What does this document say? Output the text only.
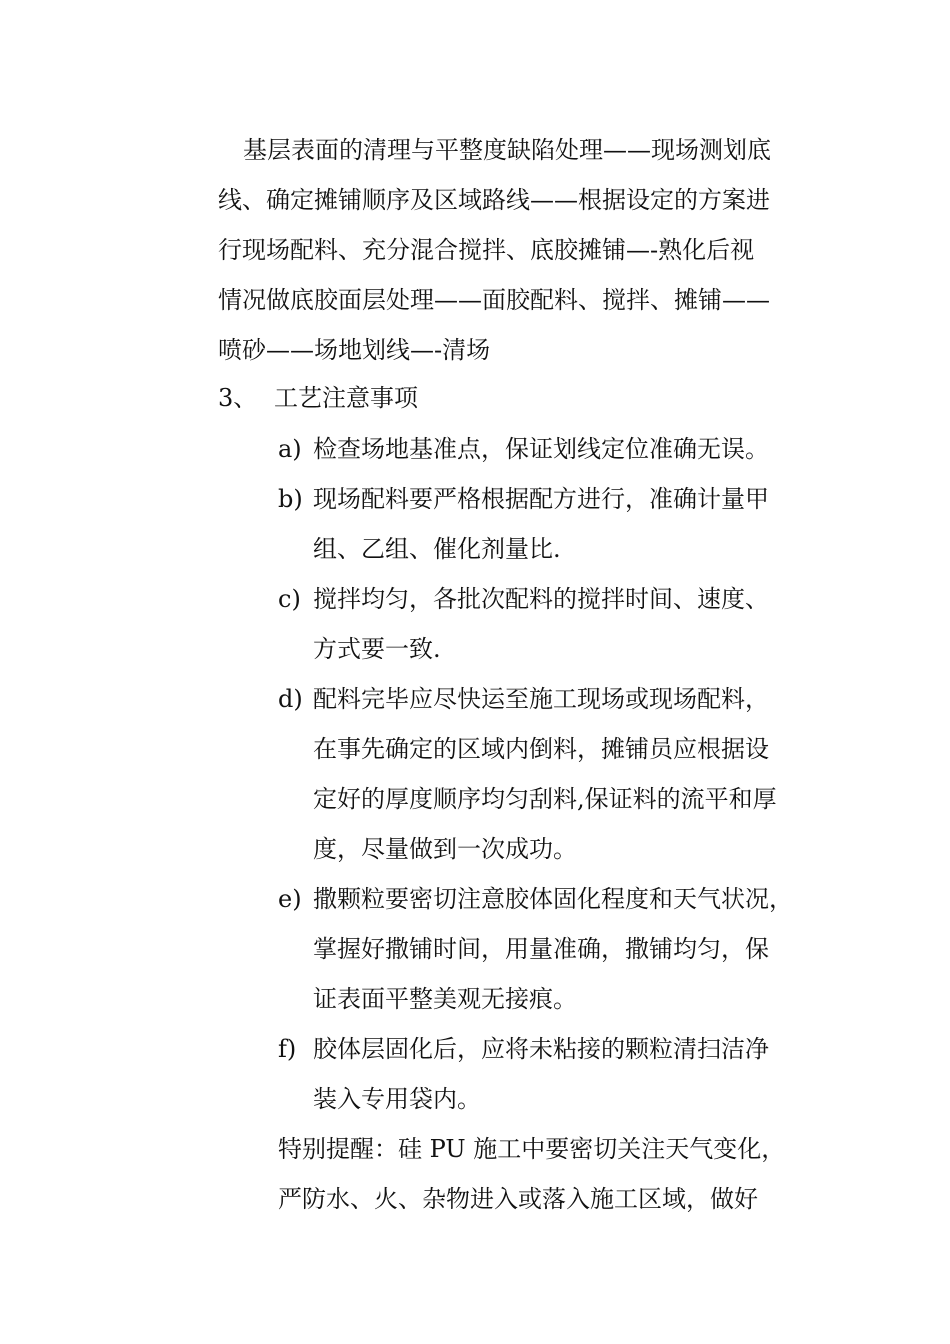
基层表面的清理与平整度缺陷处理——现场测划底
线、确定摊铺顺序及区域路线——根据设定的方案进
行现场配料、充分混合搅拌、底胶摊铺—-熟化后视
情况做底胶面层处理——面胶配料、搅拌、摊铺——
喷砂——场地划线—-清场
3、 工艺注意事项
a) 检查场地基准点，保证划线定位准确无误。
b) 现场配料要严格根据配方进行，准确计量甲
组、乙组、催化剂量比.
c) 搅拌均匀，各批次配料的搅拌时间、速度、
方式要一致.
d) 配料完毕应尽快运至施工现场或现场配料，
在事先确定的区域内倒料，摊铺员应根据设
定好的厚度顺序均匀刮料,保证料的流平和厚
度，尽量做到一次成功。
e) 撒颗粒要密切注意胶体固化程度和天气状况，
掌握好撒铺时间，用量准确，撒铺均匀，保
证表面平整美观无接痕。
f) 胶体层固化后，应将未粘接的颗粒清扫洁净
装入专用袋内。
特别提醒：硅 PU 施工中要密切关注天气变化，
严防水、火、杂物进入或落入施工区域，做好
